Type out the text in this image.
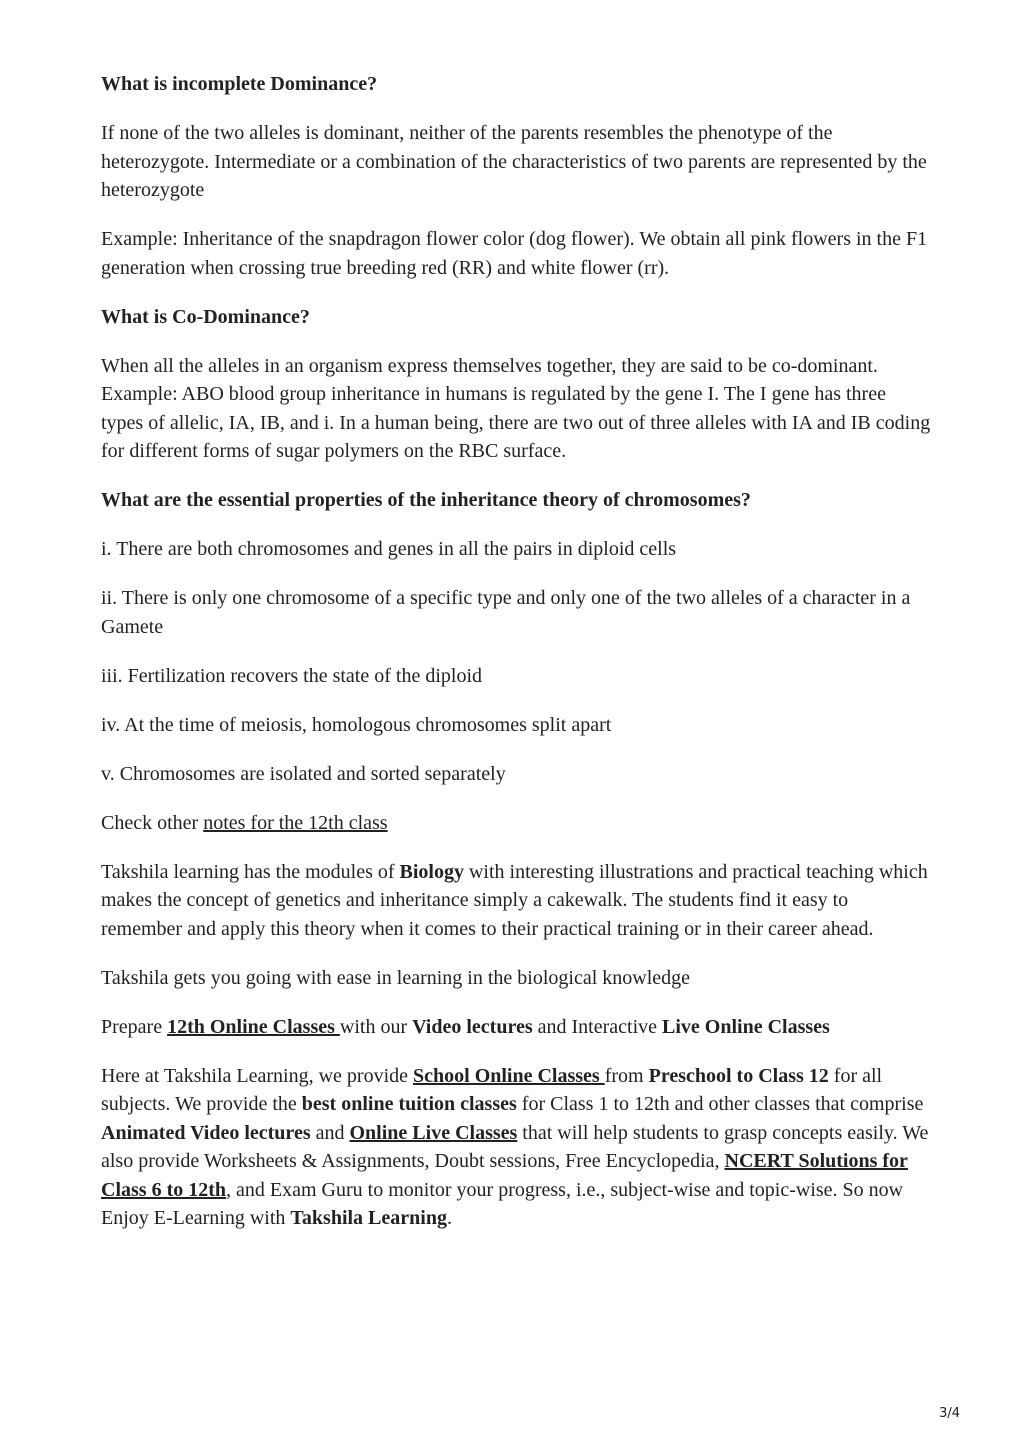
What is incomplete Dominance?

If none of the two alleles is dominant, neither of the parents resembles the phenotype of the heterozygote. Intermediate or a combination of the characteristics of two parents are represented by the heterozygote

Example: Inheritance of the snapdragon flower color (dog flower). We obtain all pink flowers in the F1 generation when crossing true breeding red (RR) and white flower (rr).

What is Co-Dominance?

When all the alleles in an organism express themselves together, they are said to be co-dominant. Example: ABO blood group inheritance in humans is regulated by the gene I. The I gene has three types of allelic, IA, IB, and i. In a human being, there are two out of three alleles with IA and IB coding for different forms of sugar polymers on the RBC surface.

What are the essential properties of the inheritance theory of chromosomes?

i. There are both chromosomes and genes in all the pairs in diploid cells

ii. There is only one chromosome of a specific type and only one of the two alleles of a character in a Gamete

iii. Fertilization recovers the state of the diploid

iv. At the time of meiosis, homologous chromosomes split apart

v. Chromosomes are isolated and sorted separately

Check other notes for the 12th class

Takshila learning has the modules of Biology with interesting illustrations and practical teaching which makes the concept of genetics and inheritance simply a cakewalk. The students find it easy to remember and apply this theory when it comes to their practical training or in their career ahead.

Takshila gets you going with ease in learning in the biological knowledge

Prepare 12th Online Classes with our Video lectures and Interactive Live Online Classes

Here at Takshila Learning, we provide School Online Classes from Preschool to Class 12 for all subjects. We provide the best online tuition classes for Class 1 to 12th and other classes that comprise Animated Video lectures and Online Live Classes that will help students to grasp concepts easily. We also provide Worksheets & Assignments, Doubt sessions, Free Encyclopedia, NCERT Solutions for Class 6 to 12th, and Exam Guru to monitor your progress, i.e., subject-wise and topic-wise. So now Enjoy E-Learning with Takshila Learning.

3/4
